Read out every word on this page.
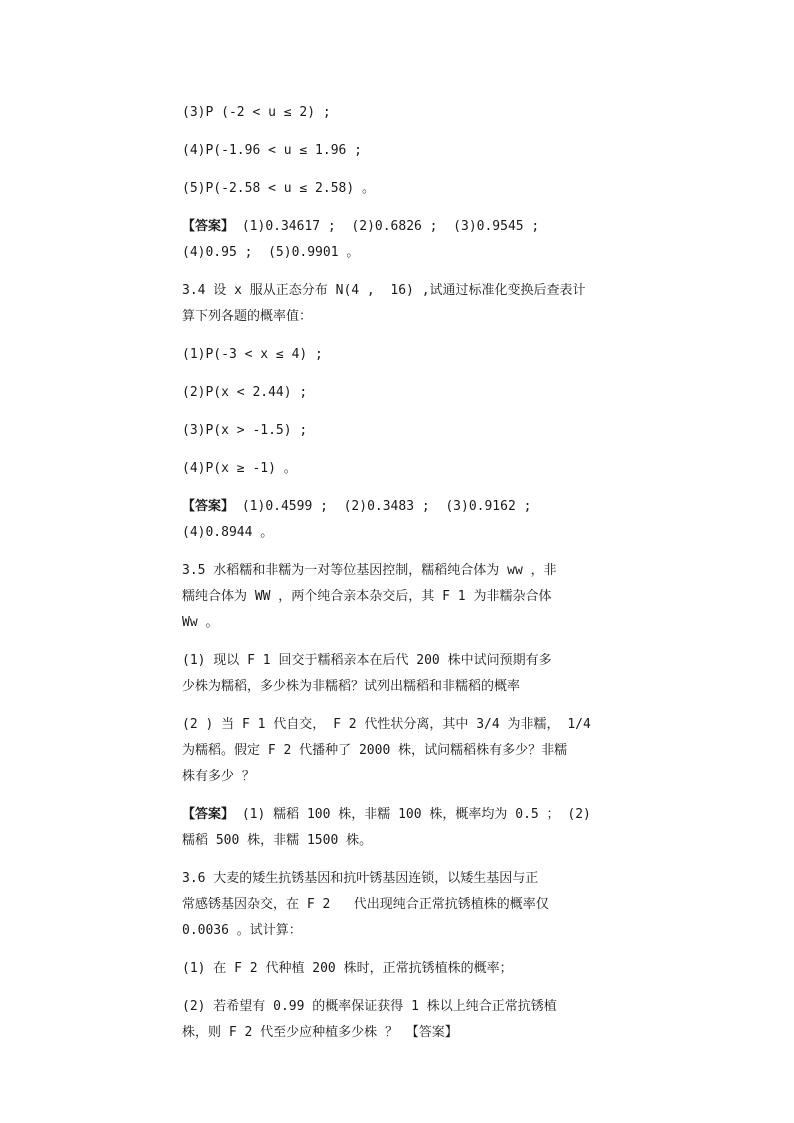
(3)P (-2 < u ≤ 2) ;
(4)P(-1.96 < u ≤ 1.96 ;
(5)P(-2.58 < u ≤ 2.58) 。
【答案】 (1)0.34617 ;  (2)0.6826 ;  (3)0.9545 ;
(4)0.95 ;  (5)0.9901 。
3.4 设 x 服从正态分布 N(4 ,  16) ,试通过标准化变换后查表计
算下列各题的概率值：
(1)P(-3 < x ≤ 4) ;
(2)P(x < 2.44) ;
(3)P(x > -1.5) ;
(4)P(x ≥ -1) 。
【答案】 (1)0.4599 ;  (2)0.3483 ;  (3)0.9162 ;
(4)0.8944 。
3.5 水稻糯和非糯为一对等位基因控制，糯稻纯合体为 ww ，非
糯纯合体为 WW ，两个纯合亲本杂交后，其 F 1 为非糯杂合体
Ww 。
(1) 现以 F 1 回交于糯稻亲本在后代 200 株中试问预期有多
少株为糯稻，多少株为非糯稻？试列出糯稻和非糯稻的概率
(2 ) 当 F 1 代自交， F 2 代性状分离，其中 3/4 为非糯， 1/4
为糯稻。假定 F 2 代播种了 2000 株，试问糯稻株有多少？非糯
株有多少 ？
【答案】 (1) 糯稻 100 株，非糯 100 株，概率均为 0.5 ； (2)
糯稻 500 株，非糯 1500 株。
3.6 大麦的矮生抗锈基因和抗叶锈基因连锁，以矮生基因与正
常感锈基因杂交，在 F 2   代出现纯合正常抗锈植株的概率仅
0.0036 。试计算：
(1) 在 F 2 代种植 200 株时，正常抗锈植株的概率；
(2) 若希望有 0.99 的概率保证获得 1 株以上纯合正常抗锈植
株，则 F 2 代至少应种植多少株 ？ 【答案】
